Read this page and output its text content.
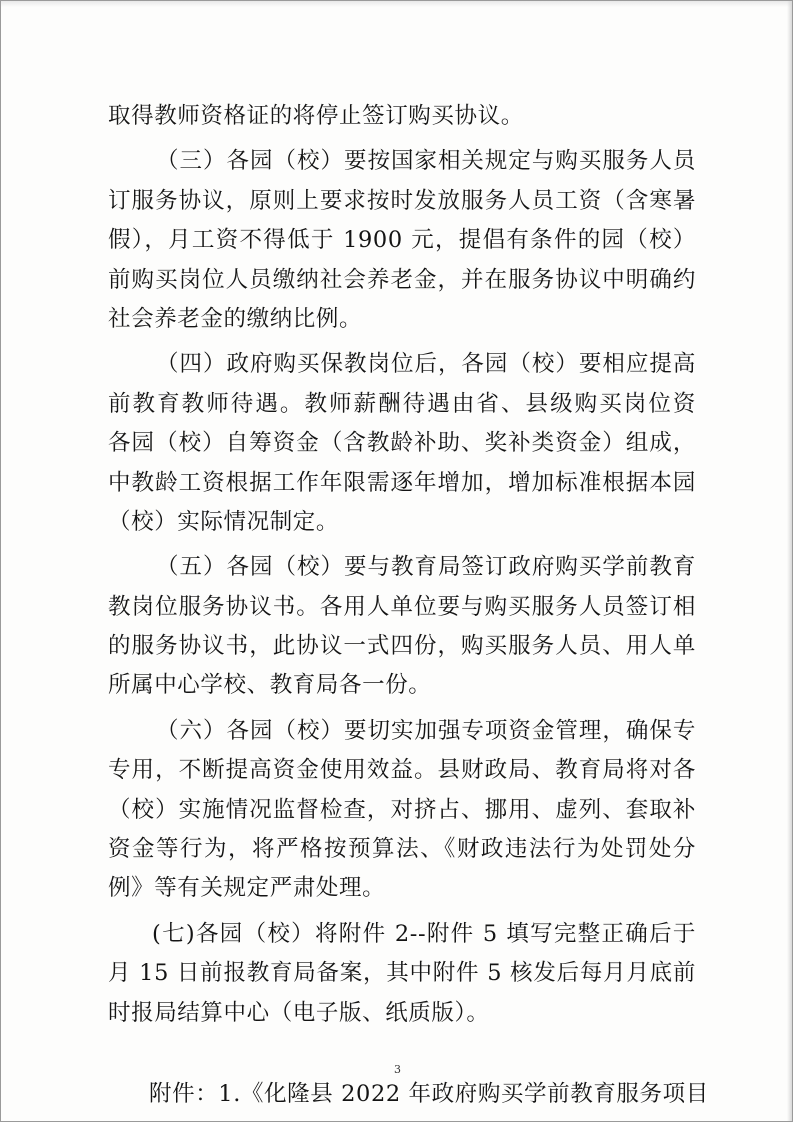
取得教师资格证的将停止签订购买协议。
（三）各园（校）要按国家相关规定与购买服务人员
订服务协议，原则上要求按时发放服务人员工资（含寒暑
假），月工资不得低于 1900 元，提倡有条件的园（校）
前购买岗位人员缴纳社会养老金，并在服务协议中明确约
社会养老金的缴纳比例。
（四）政府购买保教岗位后，各园（校）要相应提高
前教育教师待遇。教师薪酬待遇由省、县级购买岗位资
各园（校）自筹资金（含教龄补助、奖补类资金）组成，
中教龄工资根据工作年限需逐年增加，增加标准根据本园
（校）实际情况制定。
（五）各园（校）要与教育局签订政府购买学前教育
教岗位服务协议书。各用人单位要与购买服务人员签订相
的服务协议书，此协议一式四份，购买服务人员、用人单
所属中心学校、教育局各一份。
（六）各园（校）要切实加强专项资金管理，确保专
专用，不断提高资金使用效益。县财政局、教育局将对各
（校）实施情况监督检查，对挤占、挪用、虚列、套取补
资金等行为，将严格按预算法、《财政违法行为处罚处分
例》等有关规定严肃处理。
(七)各园（校）将附件 2--附件 5 填写完整正确后于
月 15 日前报教育局备案，其中附件 5 核发后每月月底前
时报局结算中心（电子版、纸质版）。
附件：1.《化隆县 2022 年政府购买学前教育服务项目
3
